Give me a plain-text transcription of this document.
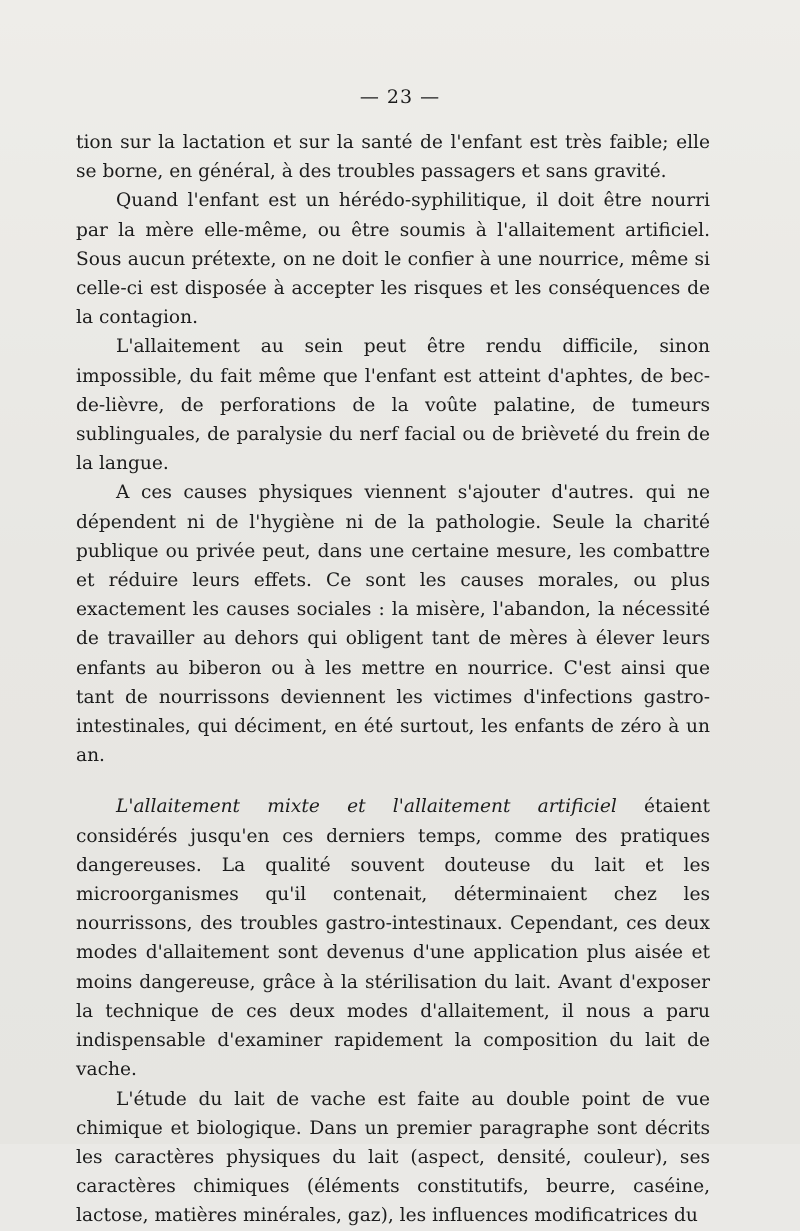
— 23 —

tion sur la lactation et sur la santé de l'enfant est très faible; elle se borne, en général, à des troubles passagers et sans gravité.

Quand l'enfant est un hérédo-syphilitique, il doit être nourri par la mère elle-même, ou être soumis à l'allaitement artificiel. Sous aucun prétexte, on ne doit le confier à une nourrice, même si celle-ci est disposée à accepter les risques et les conséquences de la contagion.

L'allaitement au sein peut être rendu difficile, sinon impossible, du fait même que l'enfant est atteint d'aphtes, de bec-de-lièvre, de perforations de la voûte palatine, de tumeurs sublinguales, de paralysie du nerf facial ou de brièveté du frein de la langue.

A ces causes physiques viennent s'ajouter d'autres. qui ne dépendent ni de l'hygiène ni de la pathologie. Seule la charité publique ou privée peut, dans une certaine mesure, les combattre et réduire leurs effets. Ce sont les causes morales, ou plus exactement les causes sociales : la misère, l'abandon, la nécessité de travailler au dehors qui obligent tant de mères à élever leurs enfants au biberon ou à les mettre en nourrice. C'est ainsi que tant de nourrissons deviennent les victimes d'infections gastro-intestinales, qui déciment, en été surtout, les enfants de zéro à un an.

L'allaitement mixte et l'allaitement artificiel étaient considérés jusqu'en ces derniers temps, comme des pratiques dangereuses. La qualité souvent douteuse du lait et les microorganismes qu'il contenait, déterminaient chez les nourrissons, des troubles gastro-intestinaux. Cependant, ces deux modes d'allaitement sont devenus d'une application plus aisée et moins dangereuse, grâce à la stérilisation du lait. Avant d'exposer la technique de ces deux modes d'allaitement, il nous a paru indispensable d'examiner rapidement la composition du lait de vache.

L'étude du lait de vache est faite au double point de vue chimique et biologique. Dans un premier paragraphe sont décrits les caractères physiques du lait (aspect, densité, couleur), ses caractères chimiques (éléments constitutifs, beurre, caséine, lactose, matières minérales, gaz), les influences modificatrices du
